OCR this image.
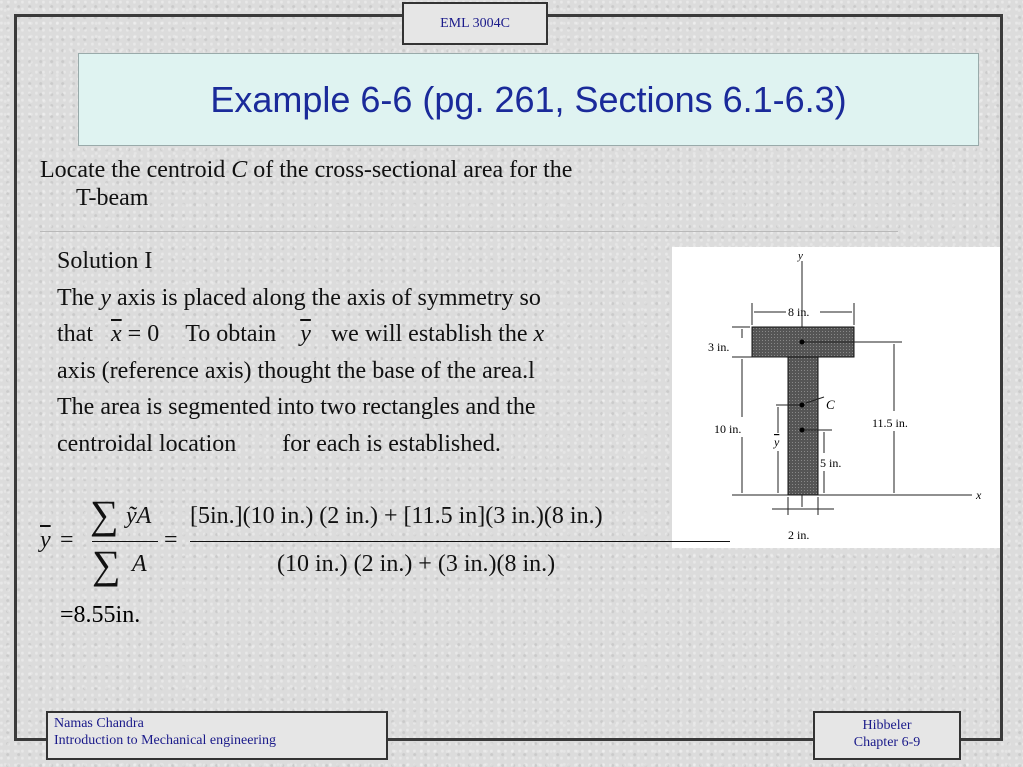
EML 3004C
Example 6-6 (pg. 261, Sections 6.1-6.3)
Locate the centroid C of the cross-sectional area for the
T-beam

Solution I

The y axis is placed along the axis of symmetry so

that $\overline{x} = 0$ To obtain $\overline{y}$ we will establish the x

axis (reference axis) thought the base of the area.l

The area is segmented into two rectangles and the

centroidal location for each is established.

y
x
8 in.
3 in.
10 in.	11.5 in.
5 in.
y
C
2 in.
$\overline{y}$ =
∑ ỹA
∑ A
=
[5in.](10 in.) (2 in.) + [11.5 in](3 in.)(8 in.)
(10 in.) (2 in.) + (3 in.)(8 in.)
=8.55in.
Namas Chandra
Introduction to Mechanical engineering
Hibbeler
Chapter 6-9
